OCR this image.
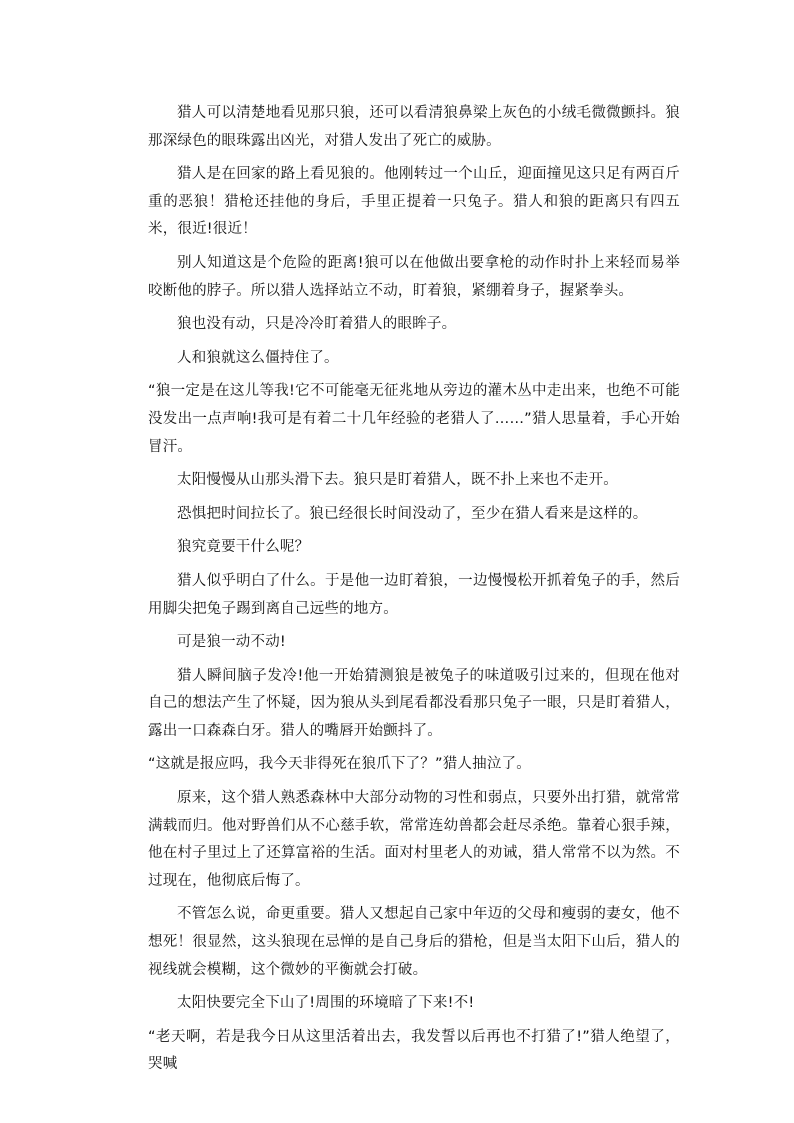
猎人可以清楚地看见那只狼，还可以看清狼鼻梁上灰色的小绒毛微微颤抖。狼那深绿色的眼珠露出凶光，对猎人发出了死亡的威胁。

猎人是在回家的路上看见狼的。他刚转过一个山丘，迎面撞见这只足有两百斤重的恶狼！猎枪还挂他的身后，手里正提着一只兔子。猎人和狼的距离只有四五米，很近!很近！

别人知道这是个危险的距离!狼可以在他做出要拿枪的动作时扑上来轻而易举咬断他的脖子。所以猎人选择站立不动，盯着狼，紧绷着身子，握紧拳头。

狼也没有动，只是冷冷盯着猎人的眼眸子。

人和狼就这么僵持住了。

“狼一定是在这儿等我!它不可能毫无征兆地从旁边的灌木丛中走出来，也绝不可能没发出一点声响!我可是有着二十几年经验的老猎人了……”猎人思量着，手心开始冒汗。

太阳慢慢从山那头滑下去。狼只是盯着猎人，既不扑上来也不走开。

恐惧把时间拉长了。狼已经很长时间没动了，至少在猎人看来是这样的。

狼究竟要干什么呢？

猎人似乎明白了什么。于是他一边盯着狼，一边慢慢松开抓着兔子的手，然后用脚尖把兔子踢到离自己远些的地方。

可是狼一动不动!

猎人瞬间脑子发冷!他一开始猜测狼是被兔子的味道吸引过来的，但现在他对自己的想法产生了怀疑，因为狼从头到尾看都没看那只兔子一眼，只是盯着猎人，露出一口森森白牙。猎人的嘴唇开始颤抖了。

“这就是报应吗，我今天非得死在狼爪下了？”猎人抽泣了。

原来，这个猎人熟悉森林中大部分动物的习性和弱点，只要外出打猎，就常常满载而归。他对野兽们从不心慈手软，常常连幼兽都会赶尽杀绝。靠着心狠手辣，他在村子里过上了还算富裕的生活。面对村里老人的劝诫，猎人常常不以为然。不过现在，他彻底后悔了。

不管怎么说，命更重要。猎人又想起自己家中年迈的父母和瘦弱的妻女，他不想死！很显然，这头狼现在忌惮的是自己身后的猎枪，但是当太阳下山后，猎人的视线就会模糊，这个微妙的平衡就会打破。

太阳快要完全下山了!周围的环境暗了下来!不!

“老天啊，若是我今日从这里活着出去，我发誓以后再也不打猎了!”猎人绝望了，哭喊
